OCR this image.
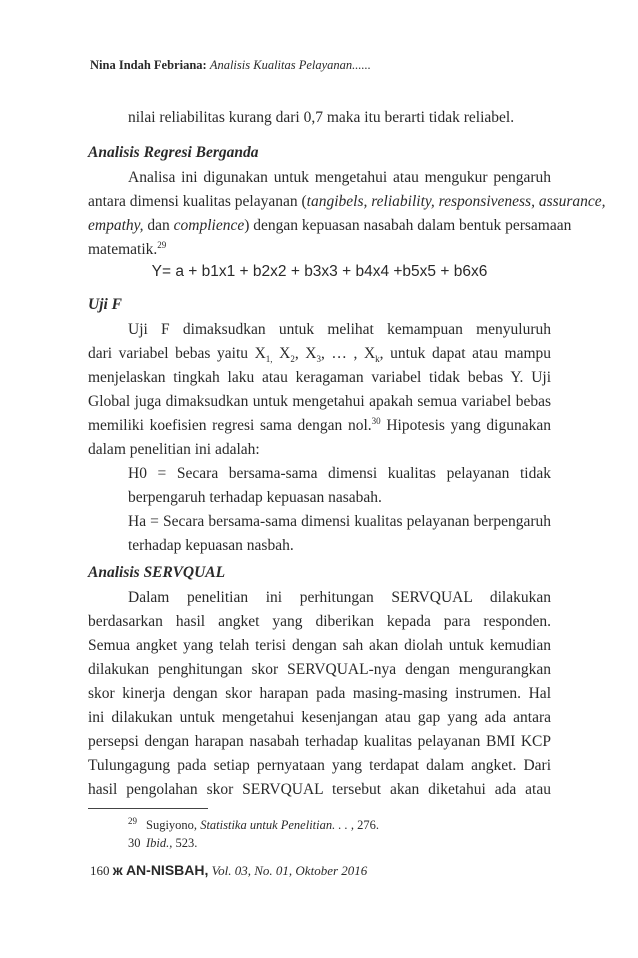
Nina Indah Febriana: Analisis Kualitas Pelayanan......
nilai reliabilitas kurang dari 0,7 maka itu berarti tidak reliabel.
Analisis Regresi Berganda
Analisa ini digunakan untuk mengetahui atau mengukur pengaruh
antara dimensi kualitas pelayanan (tangibels, reliability, responsiveness, assurance,
empathy, dan complience) dengan kepuasan nasabah dalam bentuk persamaan
matematik.$^{29}$
Y= a + b1x1 + b2x2 + b3x3 + b4x4 +b5x5 + b6x6
Uji F
Uji F dimaksudkan untuk melihat kemampuan menyuluruh
dari variabel bebas yaitu $X_{1,}$ $X_2$, $X_3$, … , $X_k$, untuk dapat atau mampu
menjelaskan tingkah laku atau keragaman variabel tidak bebas Y. Uji
Global juga dimaksudkan untuk mengetahui apakah semua variabel bebas
memiliki koefisien regresi sama dengan nol.$^{30}$ Hipotesis yang digunakan
dalam penelitian ini adalah:
H0 = Secara bersama-sama dimensi kualitas pelayanan tidak
berpengaruh terhadap kepuasan nasabah.
Ha = Secara bersama-sama dimensi kualitas pelayanan berpengaruh
terhadap kepuasan nasbah.
Analisis SERVQUAL
Dalam penelitian ini perhitungan SERVQUAL dilakukan
berdasarkan hasil angket yang diberikan kepada para responden.
Semua angket yang telah terisi dengan sah akan diolah untuk kemudian
dilakukan penghitungan skor SERVQUAL-nya dengan mengurangkan
skor kinerja dengan skor harapan pada masing-masing instrumen. Hal
ini dilakukan untuk mengetahui kesenjangan atau gap yang ada antara
persepsi dengan harapan nasabah terhadap kualitas pelayanan BMI KCP
Tulungagung pada setiap pernyataan yang terdapat dalam angket. Dari
hasil pengolahan skor SERVQUAL tersebut akan diketahui ada atau
$^{29}$ Sugiyono, Statistika untuk Penelitian. . . , 276.
30 Ibid., 523.
160 ж AN-NISBAH, Vol. 03, No. 01, Oktober 2016
